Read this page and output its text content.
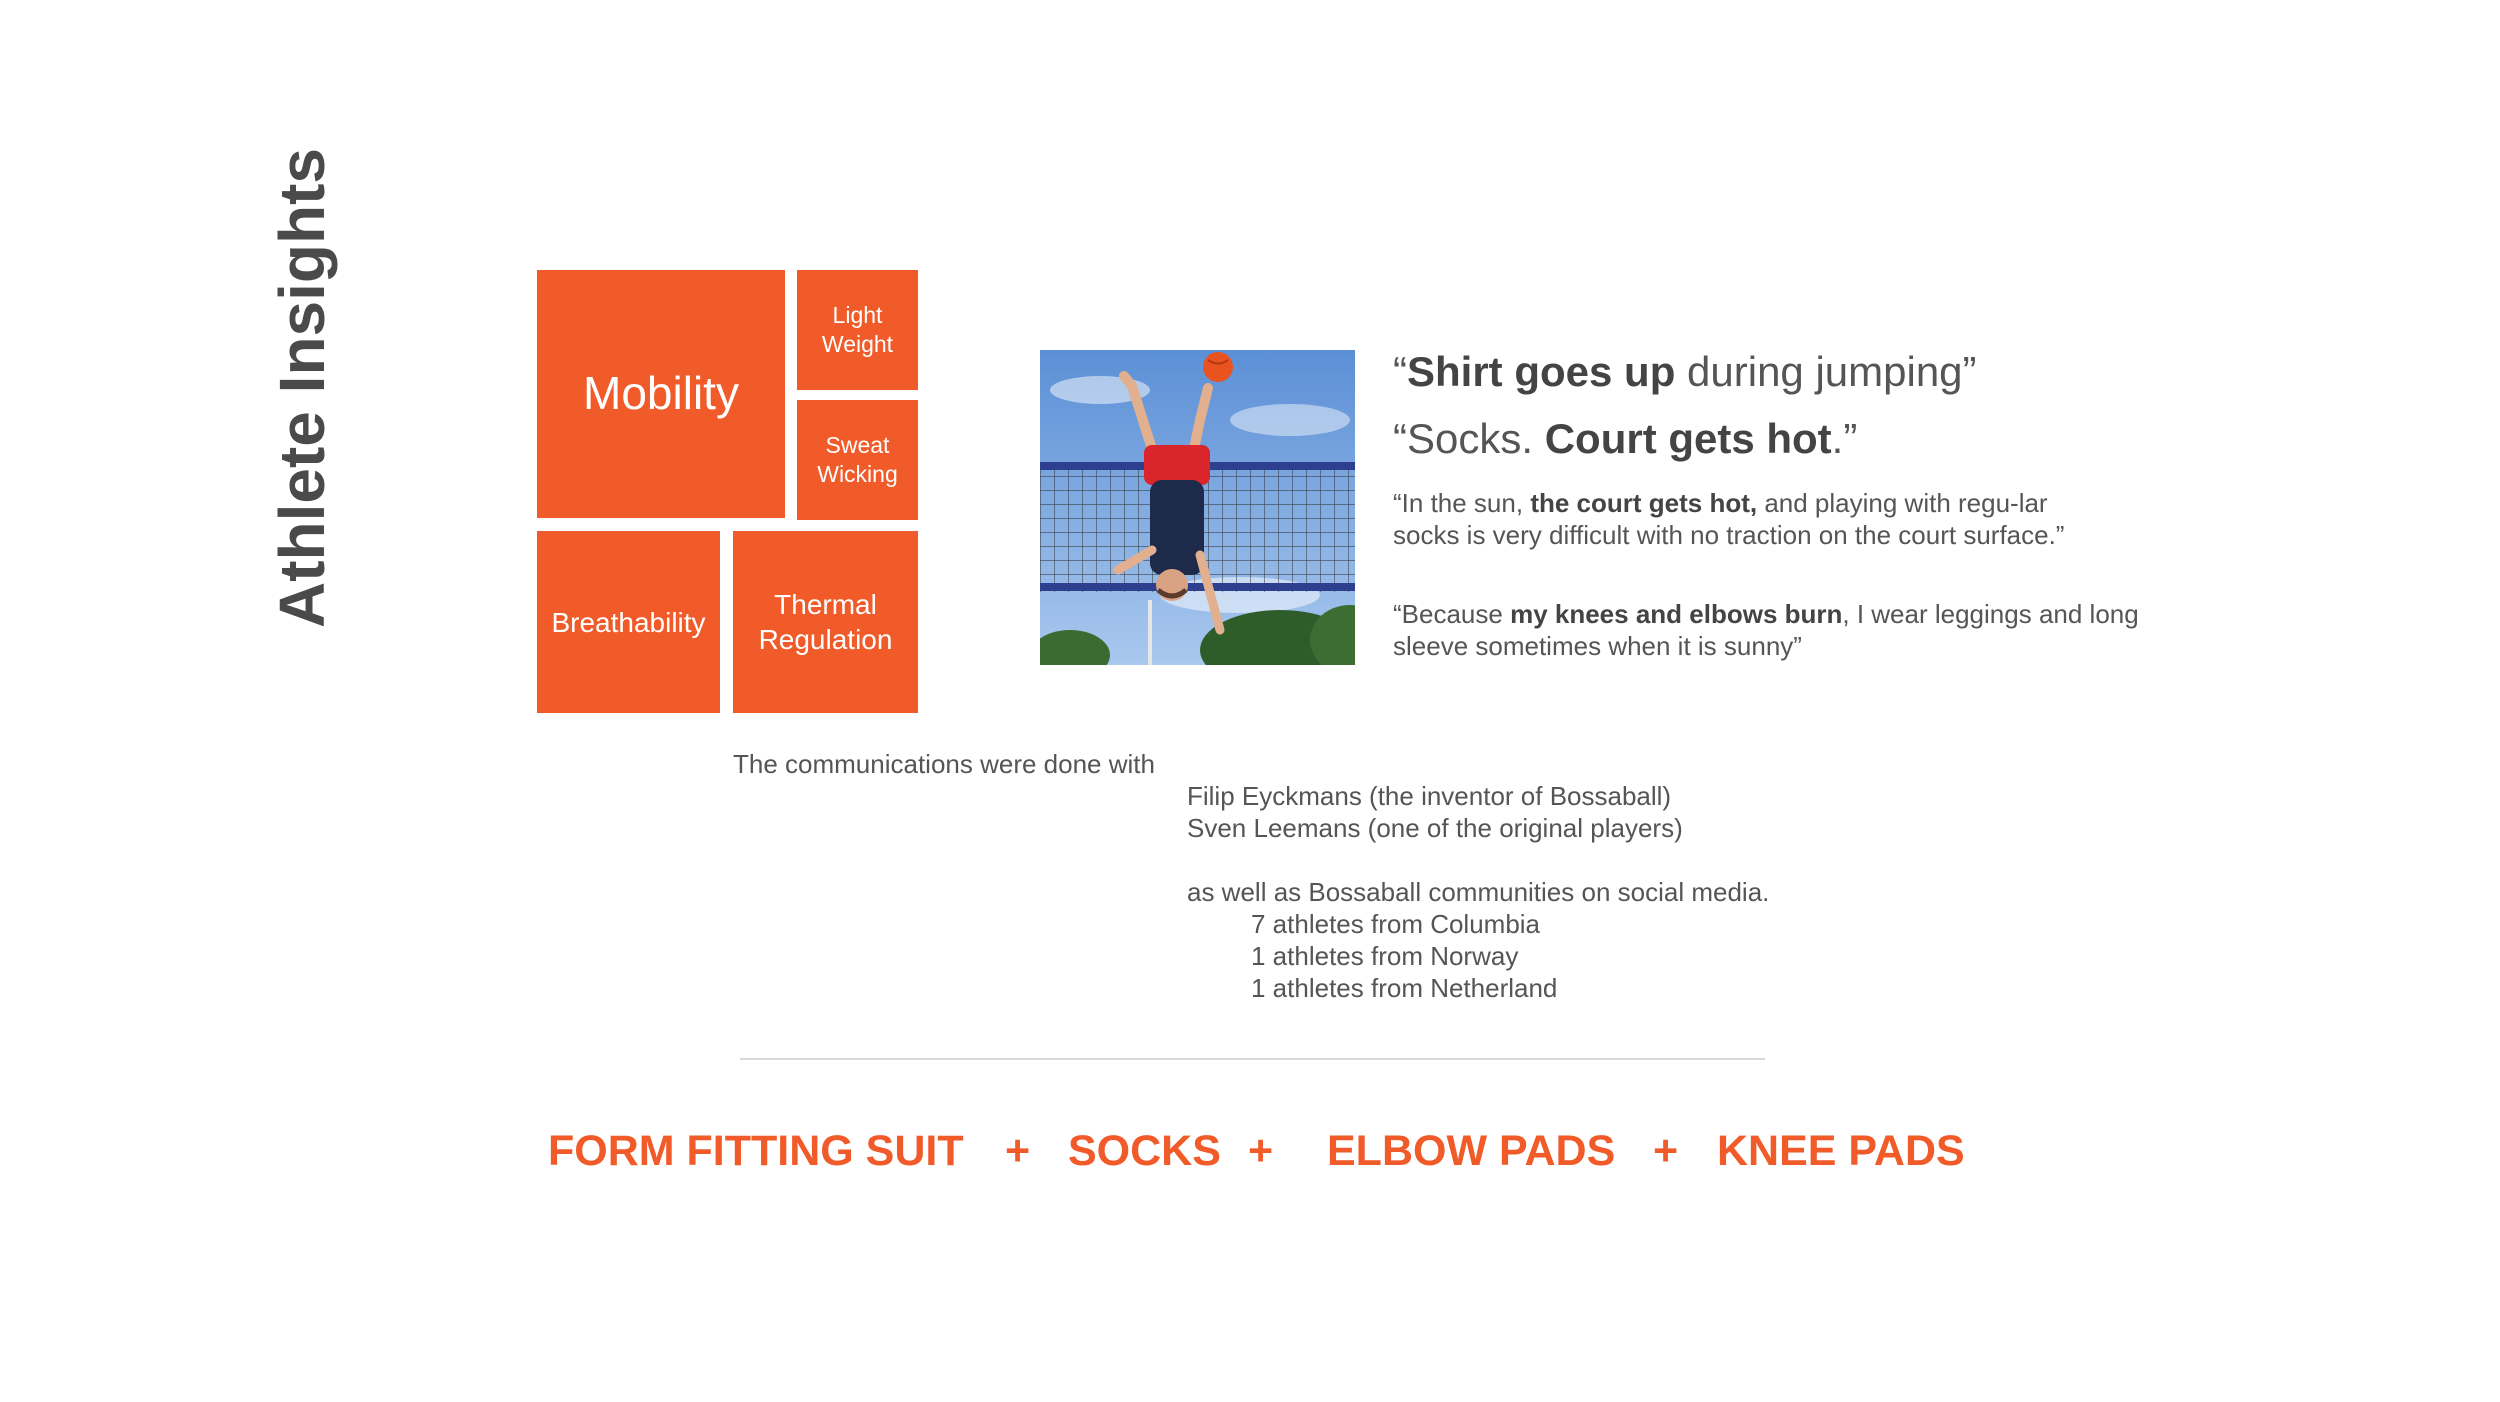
Athlete Insights	Mobility
Light
Weight
Sweat
Wicking
Breathability
Thermal
Regulation
“Shirt goes up during jumping”
“Socks. Court gets hot.”
“In the sun, the court gets hot, and playing with regu-lar socks is very difficult with no traction on the court surface.”
“Because my knees and elbows burn, I wear leggings and long sleeve sometimes when it is sunny”
The communications were done with
Filip Eyckmans (the inventor of Bossaball)
Sven Leemans (one of the original players)
as well as Bossaball communities on social media.
7 athletes from Columbia
1 athletes from Norway
1 athletes from Netherland
FORM FITTING SUIT + SOCKS + ELBOW PADS + KNEE PADS
